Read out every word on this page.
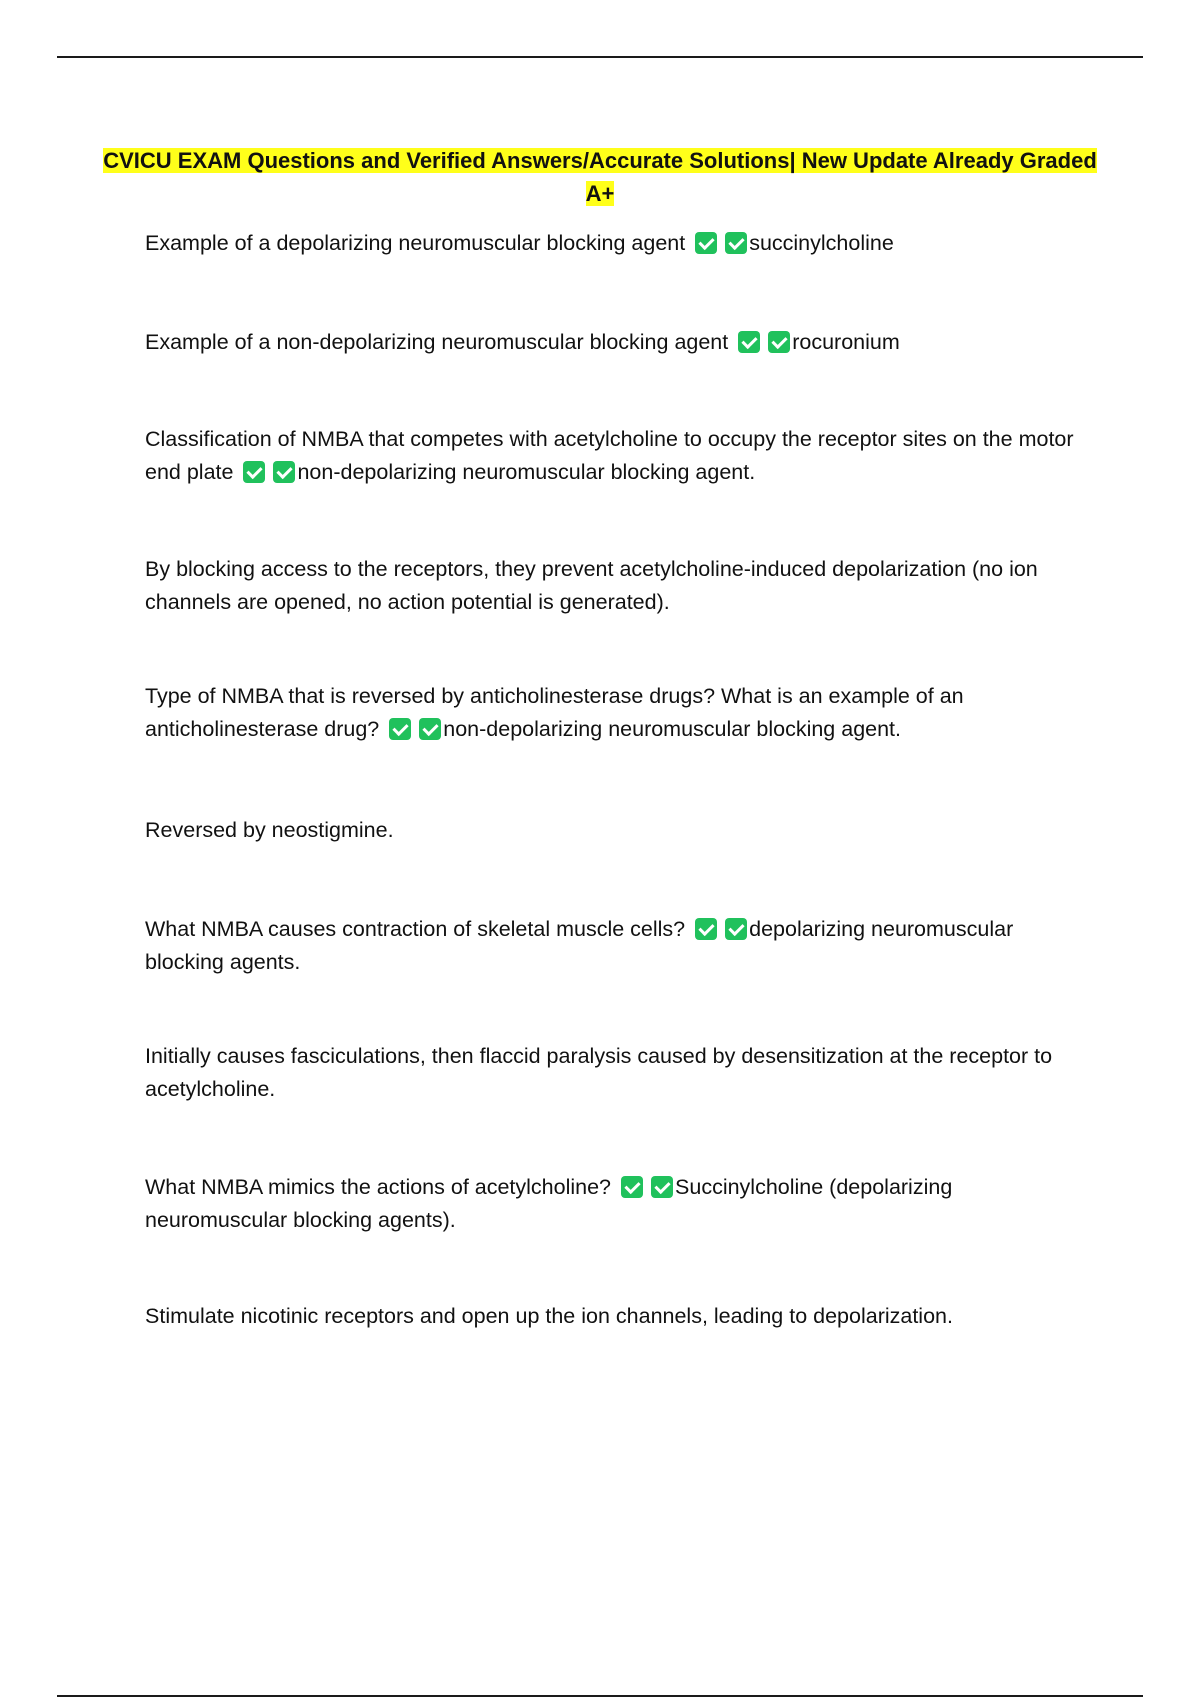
CVICU EXAM Questions and Verified Answers/Accurate Solutions| New Update Already Graded A+
Example of a depolarizing neuromuscular blocking agent	succinylcholine
Example of a non-depolarizing neuromuscular blocking agent	rocuronium
Classification of NMBA that competes with acetylcholine to occupy the receptor sites on the motor end plate	non-depolarizing neuromuscular blocking agent.
By blocking access to the receptors, they prevent acetylcholine-induced depolarization (no ion channels are opened, no action potential is generated).
Type of NMBA that is reversed by anticholinesterase drugs? What is an example of an anticholinesterase drug?	non-depolarizing neuromuscular blocking agent.
Reversed by neostigmine.
What NMBA causes contraction of skeletal muscle cells?	depolarizing neuromuscular blocking agents.
Initially causes fasciculations, then flaccid paralysis caused by desensitization at the receptor to acetylcholine.
What NMBA mimics the actions of acetylcholine?	Succinylcholine (depolarizing neuromuscular blocking agents).
Stimulate nicotinic receptors and open up the ion channels, leading to depolarization.
